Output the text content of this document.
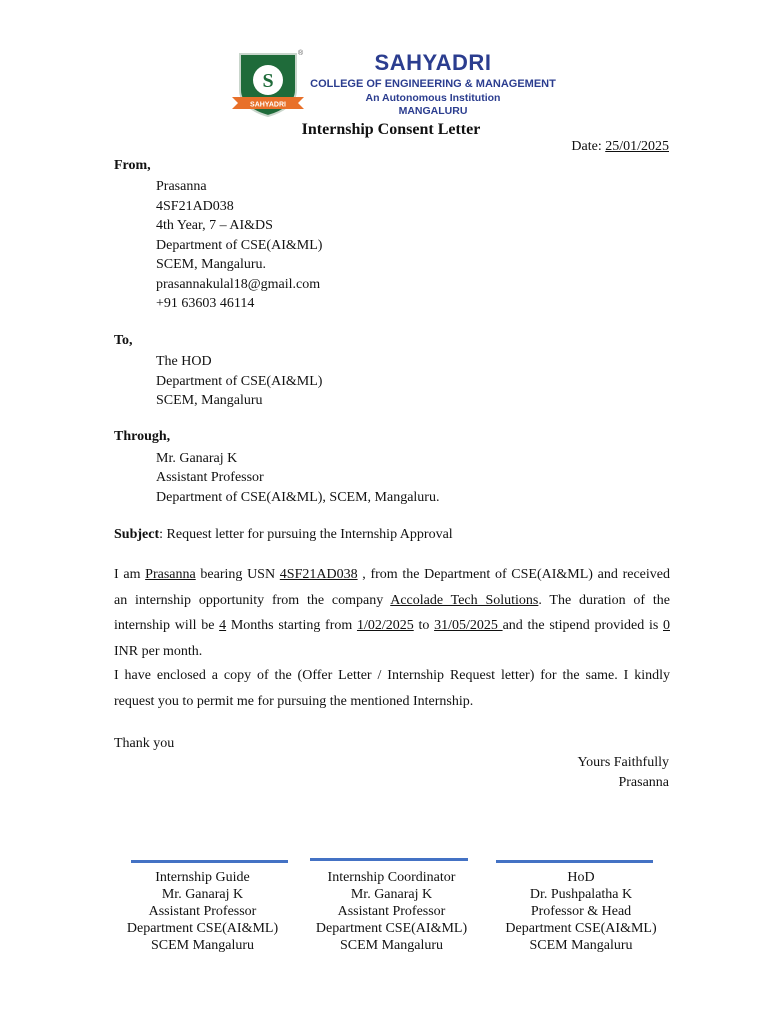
S
SAHYADRI
®	SAHYADRI
COLLEGE OF ENGINEERING & MANAGEMENT
An Autonomous Institution
MANGALURU
Internship Consent Letter
Date: 25/01/2025
From,
Prasanna
4SF21AD038
4th Year, 7 – AI&DS
Department of CSE(AI&ML)
SCEM, Mangaluru.
prasannakulal18@gmail.com
+91 63603 46114
To,
The HOD
Department of CSE(AI&ML)
SCEM, Mangaluru
Through,
Mr. Ganaraj K
Assistant Professor
Department of CSE(AI&ML), SCEM, Mangaluru.
Subject: Request letter for pursuing the Internship Approval
I am Prasanna bearing USN 4SF21AD038 , from the Department of CSE(AI&ML) and received an internship opportunity from the company Accolade Tech Solutions. The duration of the internship will be 4 Months starting from 1/02/2025 to 31/05/2025 and the stipend provided is 0 INR per month.
I have enclosed a copy of the (Offer Letter / Internship Request letter) for the same. I kindly request you to permit me for pursuing the mentioned Internship.
Thank you
Yours Faithfully
Prasanna
Internship Guide
Mr. Ganaraj K
Assistant Professor
Department CSE(AI&ML)
SCEM Mangaluru
Internship Coordinator
Mr. Ganaraj K
Assistant Professor
Department CSE(AI&ML)
SCEM Mangaluru
HoD
Dr. Pushpalatha K
Professor & Head
Department CSE(AI&ML)
SCEM Mangaluru
